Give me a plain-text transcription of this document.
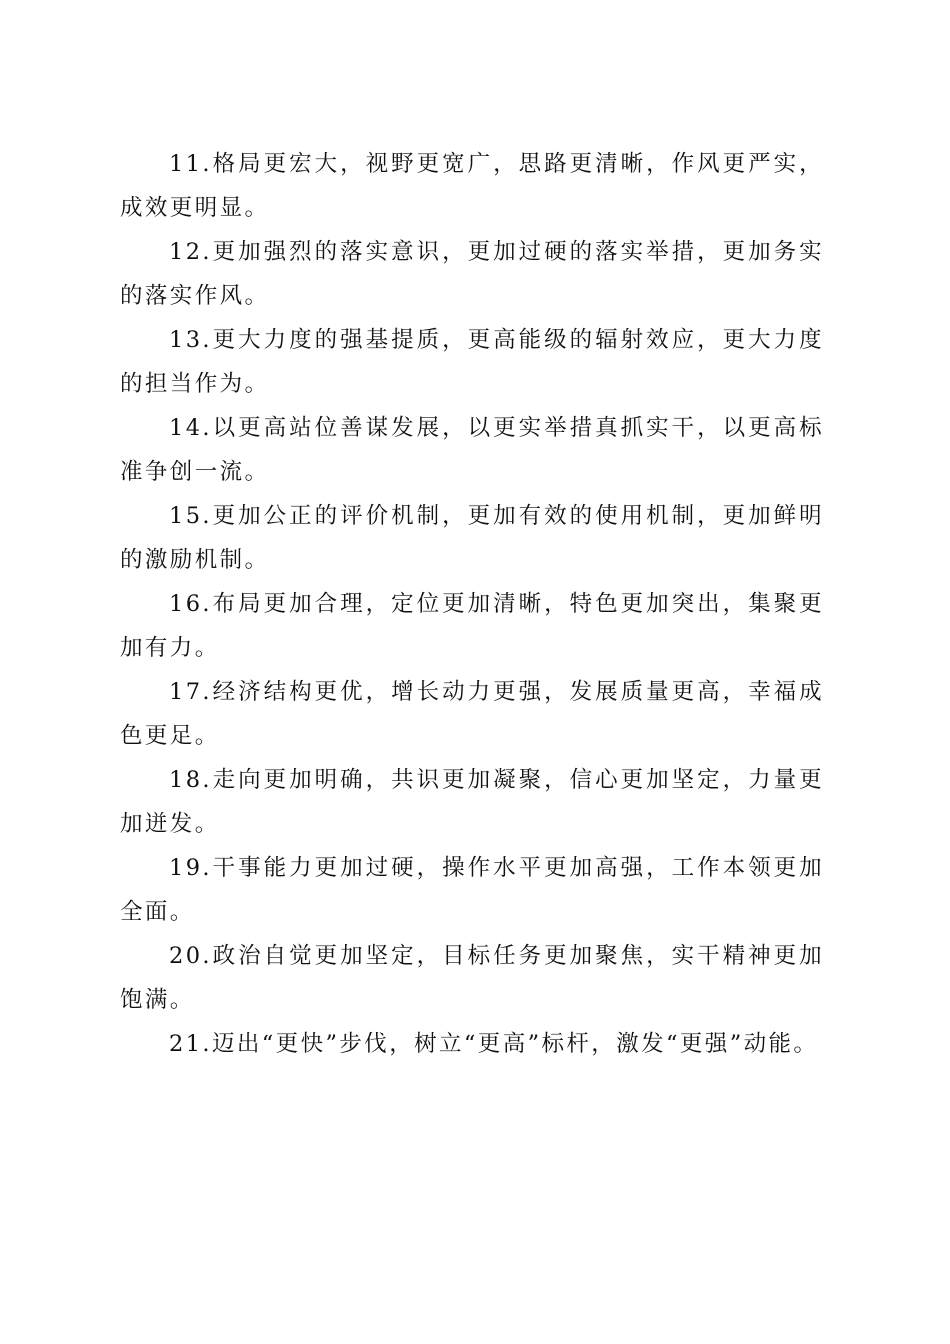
11.格局更宏大，视野更宽广，思路更清晰，作风更严实，成效更明显。

12.更加强烈的落实意识，更加过硬的落实举措，更加务实的落实作风。

13.更大力度的强基提质，更高能级的辐射效应，更大力度的担当作为。

14.以更高站位善谋发展，以更实举措真抓实干，以更高标准争创一流。

15.更加公正的评价机制，更加有效的使用机制，更加鲜明的激励机制。

16.布局更加合理，定位更加清晰，特色更加突出，集聚更加有力。

17.经济结构更优，增长动力更强，发展质量更高，幸福成色更足。

18.走向更加明确，共识更加凝聚，信心更加坚定，力量更加迸发。

19.干事能力更加过硬，操作水平更加高强，工作本领更加全面。

20.政治自觉更加坚定，目标任务更加聚焦，实干精神更加饱满。

21.迈出“更快”步伐，树立“更高”标杆，激发“更强”动能。
